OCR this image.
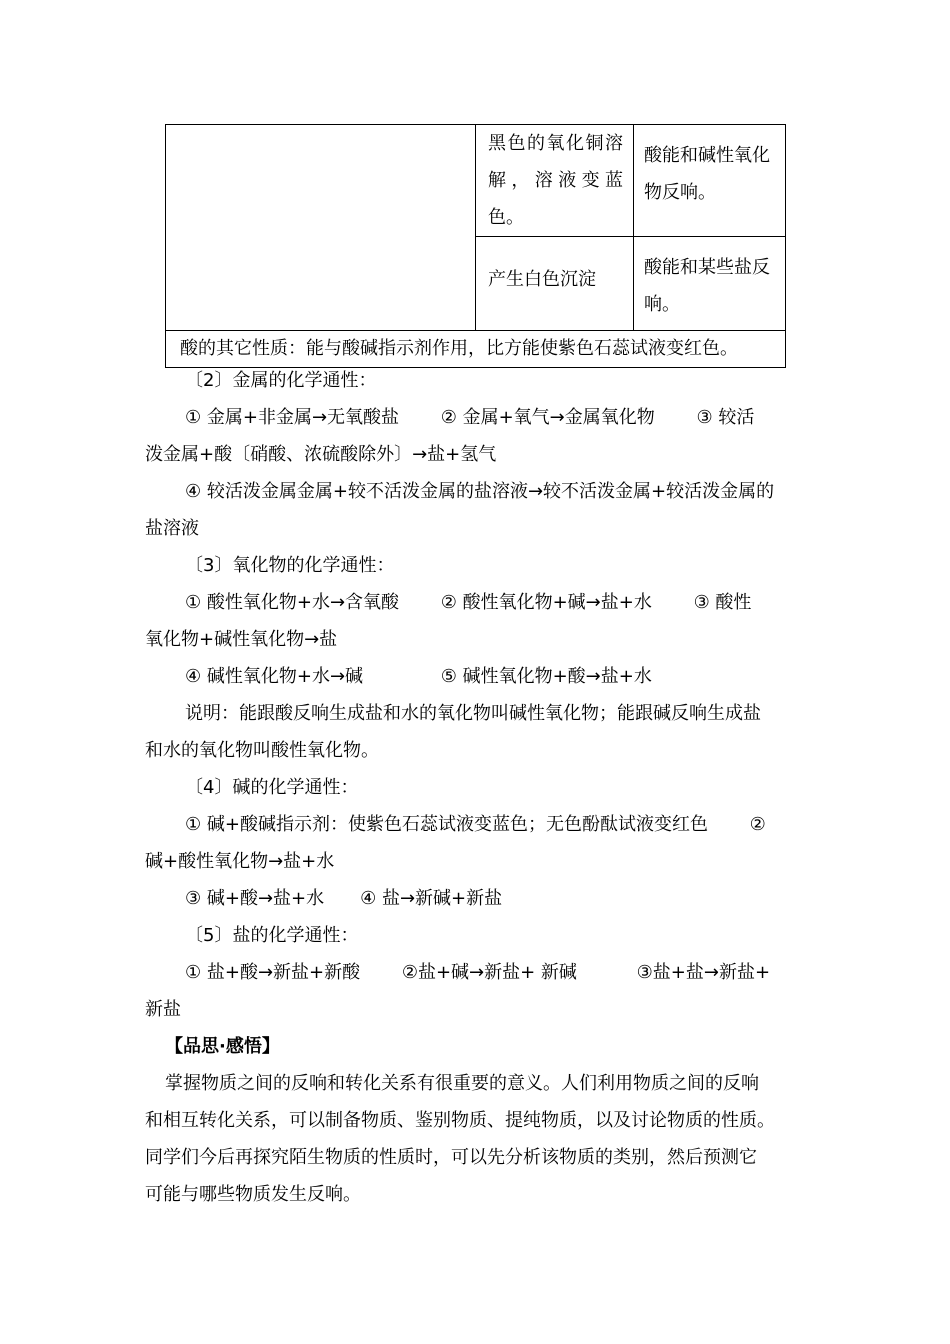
	黑色的氧化铜溶解，溶液变蓝色。	酸能和碱性氧化物反响。
	产生白色沉淀	酸能和某些盐反响。
酸的其它性质：能与酸碱指示剂作用，比方能使紫色石蕊试液变红色。		
〔2〕金属的化学通性：
① 金属+非金属→无氧酸盐　　 ② 金属+氧气→金属氧化物　　 ③ 较活
泼金属+酸〔硝酸、浓硫酸除外〕→盐+氢气
④ 较活泼金属金属+较不活泼金属的盐溶液→较不活泼金属+较活泼金属的
盐溶液
〔3〕氧化物的化学通性：
① 酸性氧化物+水→含氧酸　　 ② 酸性氧化物+碱→盐+水　　 ③ 酸性
氧化物+碱性氧化物→盐
④ 碱性氧化物+水→碱　　　　 ⑤ 碱性氧化物+酸→盐+水
说明：能跟酸反响生成盐和水的氧化物叫碱性氧化物；能跟碱反响生成盐
和水的氧化物叫酸性氧化物。
〔4〕碱的化学通性：
① 碱+酸碱指示剂：使紫色石蕊试液变蓝色；无色酚酞试液变红色　　 ②
碱+酸性氧化物→盐+水
③ 碱+酸→盐+水　　④ 盐→新碱+新盐
〔5〕盐的化学通性：
① 盐+酸→新盐+新酸　　 ②盐+碱→新盐+ 新碱　　　 ③盐+盐→新盐+
新盐
【品思·感悟】
掌握物质之间的反响和转化关系有很重要的意义。人们利用物质之间的反响
和相互转化关系，可以制备物质、鉴别物质、提纯物质，以及讨论物质的性质。
同学们今后再探究陌生物质的性质时，可以先分析该物质的类别，然后预测它
可能与哪些物质发生反响。
